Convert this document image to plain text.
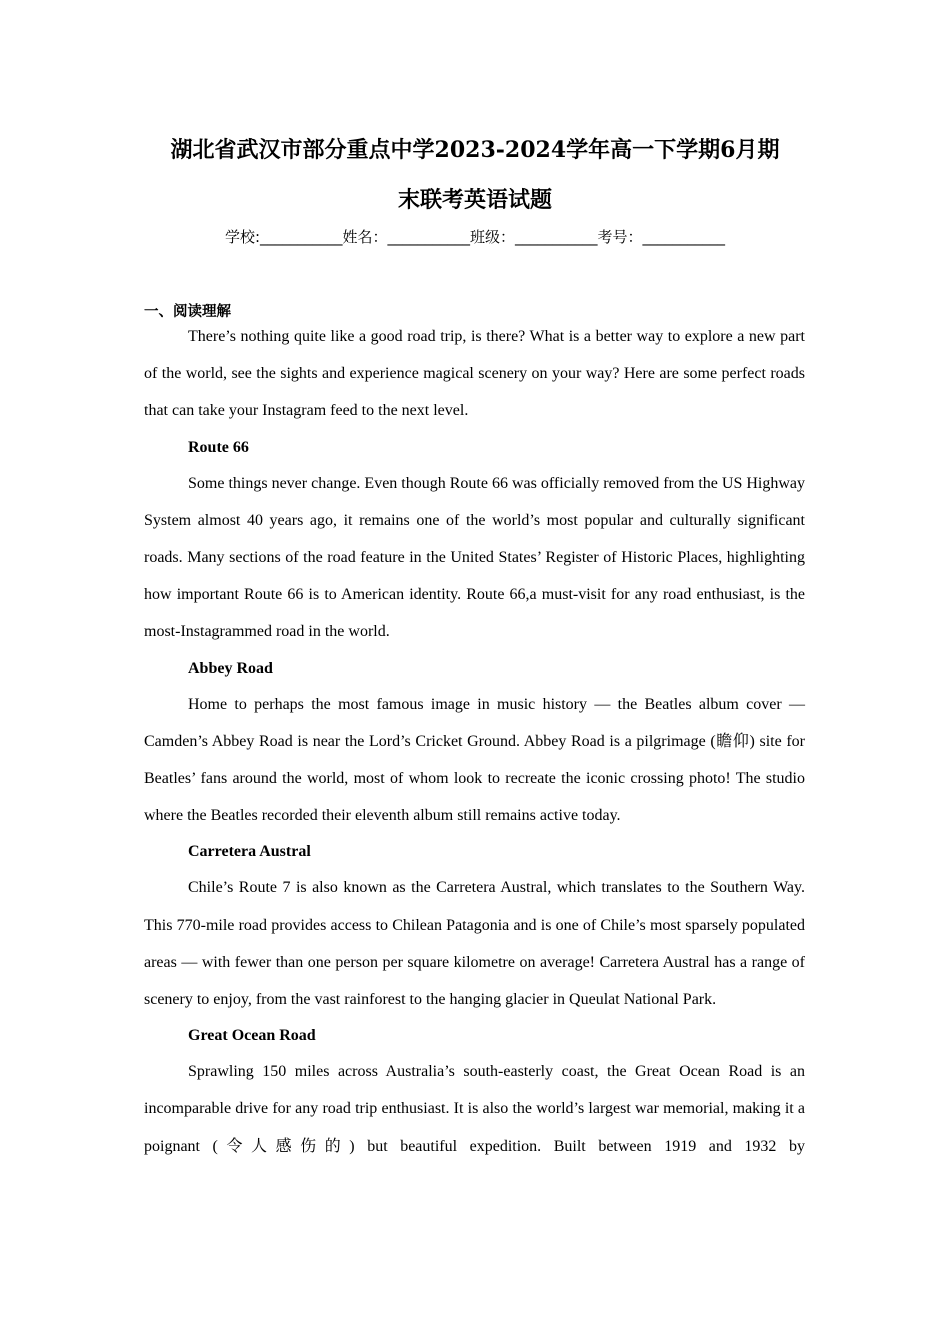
湖北省武汉市部分重点中学2023-2024学年高一下学期6月期
末联考英语试题
学校:___________姓名：___________班级：___________考号：___________
一、阅读理解

There’s nothing quite like a good road trip, is there? What is a better way to explore a new part of the world, see the sights and experience magical scenery on your way? Here are some perfect roads that can take your Instagram feed to the next level.

Route 66

Some things never change. Even though Route 66 was officially removed from the US Highway System almost 40 years ago, it remains one of the world’s most popular and culturally significant roads. Many sections of the road feature in the United States’ Register of Historic Places, highlighting how important Route 66 is to American identity. Route 66,a must-visit for any road enthusiast, is the most-Instagrammed road in the world.

Abbey Road

Home to perhaps the most famous image in music history — the Beatles album cover — Camden’s Abbey Road is near the Lord’s Cricket Ground. Abbey Road is a pilgrimage (瞻仰) site for Beatles’ fans around the world, most of whom look to recreate the iconic crossing photo! The studio where the Beatles recorded their eleventh album still remains active today.

Carretera Austral

Chile’s Route 7 is also known as the Carretera Austral, which translates to the Southern Way. This 770-mile road provides access to Chilean Patagonia and is one of Chile’s most sparsely populated areas — with fewer than one person per square kilometre on average! Carretera Austral has a range of scenery to enjoy, from the vast rainforest to the hanging glacier in Queulat National Park.

Great Ocean Road

Sprawling 150 miles across Australia’s south-easterly coast, the Great Ocean Road is an incomparable drive for any road trip enthusiast. It is also the world’s largest war memorial, making it a poignant (令人感伤的) but beautiful expedition. Built between 1919 and 1932 by
